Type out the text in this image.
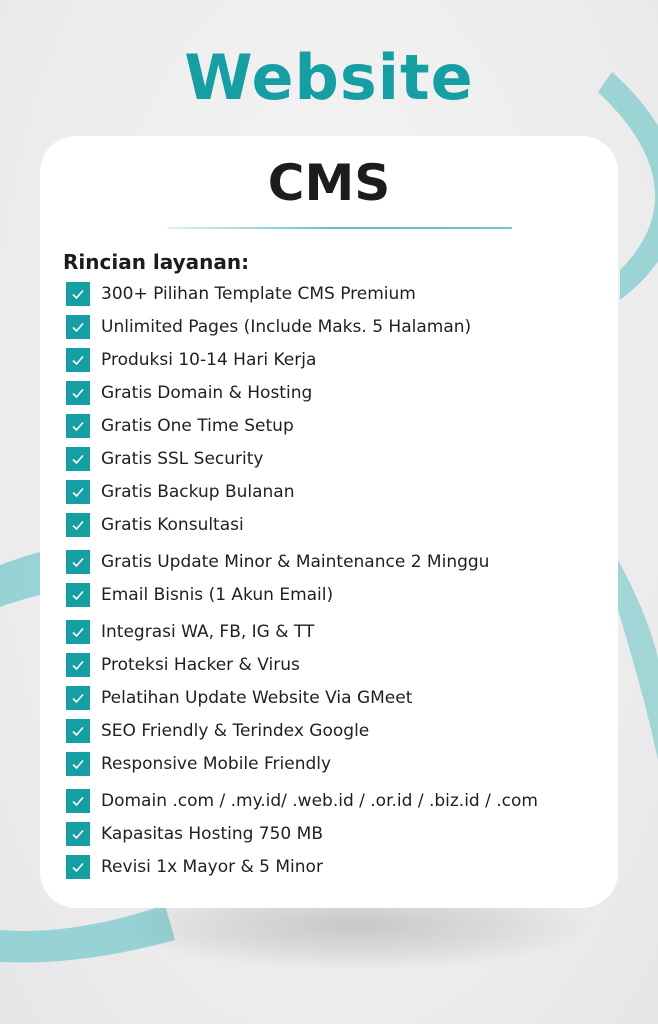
Website
CMS
Rincian layanan:
300+ Pilihan Template CMS Premium
Unlimited Pages (Include Maks. 5 Halaman)
Produksi 10-14 Hari Kerja
Gratis Domain & Hosting
Gratis One Time Setup
Gratis SSL Security
Gratis Backup Bulanan
Gratis Konsultasi
Gratis Update Minor & Maintenance 2 Minggu
Email Bisnis (1 Akun Email)
Integrasi WA, FB, IG & TT
Proteksi Hacker & Virus
Pelatihan Update Website Via GMeet
SEO Friendly & Terindex Google
Responsive Mobile Friendly
Domain .com / .my.id/ .web.id / .or.id / .biz.id / .com
Kapasitas Hosting 750 MB
Revisi 1x Mayor & 5 Minor
